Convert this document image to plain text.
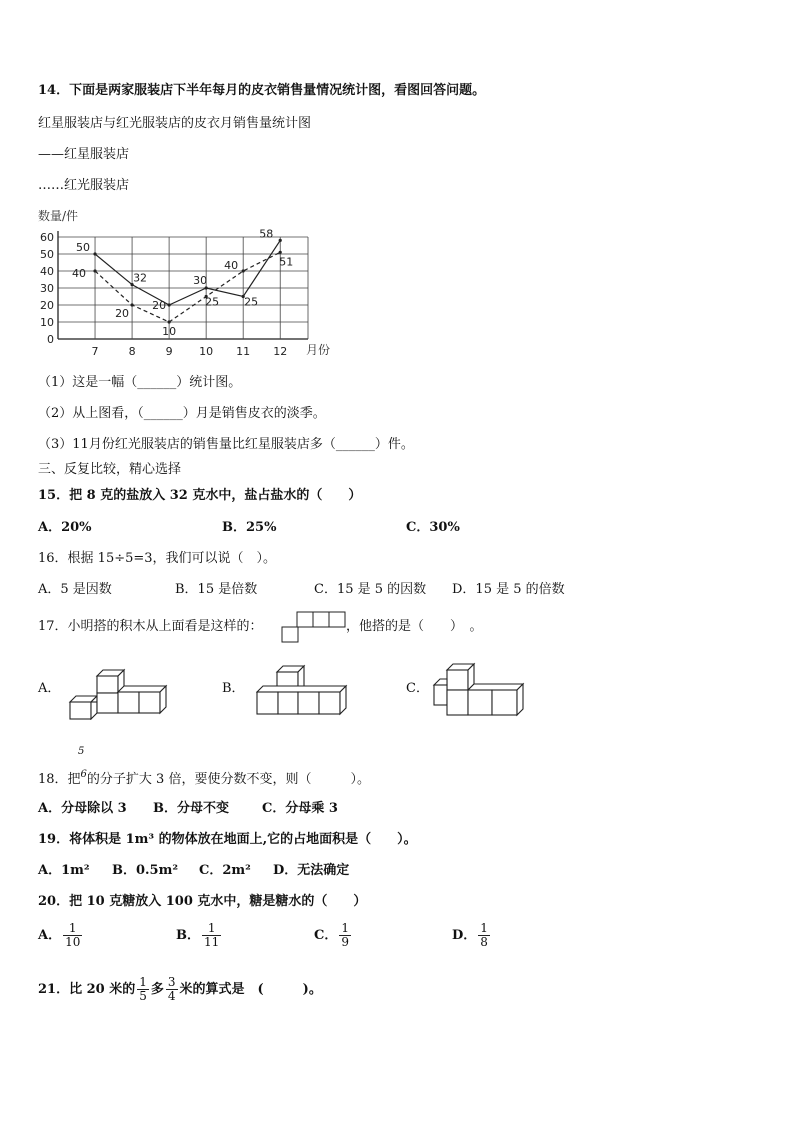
14．下面是两家服装店下半年每月的皮衣销售量情况统计图，看图回答问题。
红星服装店与红光服装店的皮衣月销售量统计图
——红星服装店
……红光服装店
数量/件
月份
0
10
20
30
40
50
60
7	8	9 10 11 12
50
32
20
30
25
58
40
20
10
25
40	51
（1）这是一幅（______）统计图。
（2）从上图看，（______）月是销售皮衣的淡季。
（3）11月份红光服装店的销售量比红星服装店多（______）件。
三、反复比较，精心选择
15．把 8 克的盐放入 32 克水中，盐占盐水的（　　）
A．20%	B．25%	C．30%
16．根据 15÷5=3，我们可以说（　）。
A．5 是因数	B．15 是倍数	C．15 是 5 的因数 D．15 是 5 的倍数
17．小明搭的积木从上面看是这样的：	，他搭的是（　　）　。
A．	B．	C．
5
18．把$^6$的分子扩大 3 倍，要使分数不变，则（　　　）。
A．分母除以 3 B．分母不变	C．分母乘 3
19．将体积是 1m³ 的物体放在地面上,它的占地面积是（　　）。
A．1m² B．0.5m² C．2m² D．无法确定
20．把 10 克糖放入 100 克水中，糖是糖水的（　　）
A． $\frac{1}{10}$	B． $\frac{1}{11}$	C． $\frac{1}{9}$	D． $\frac{1}{8}$
21．比 20 米的 $\frac{1}{5}$ 多 $\frac{3}{4}$ 米的算式是　(　　　)。
